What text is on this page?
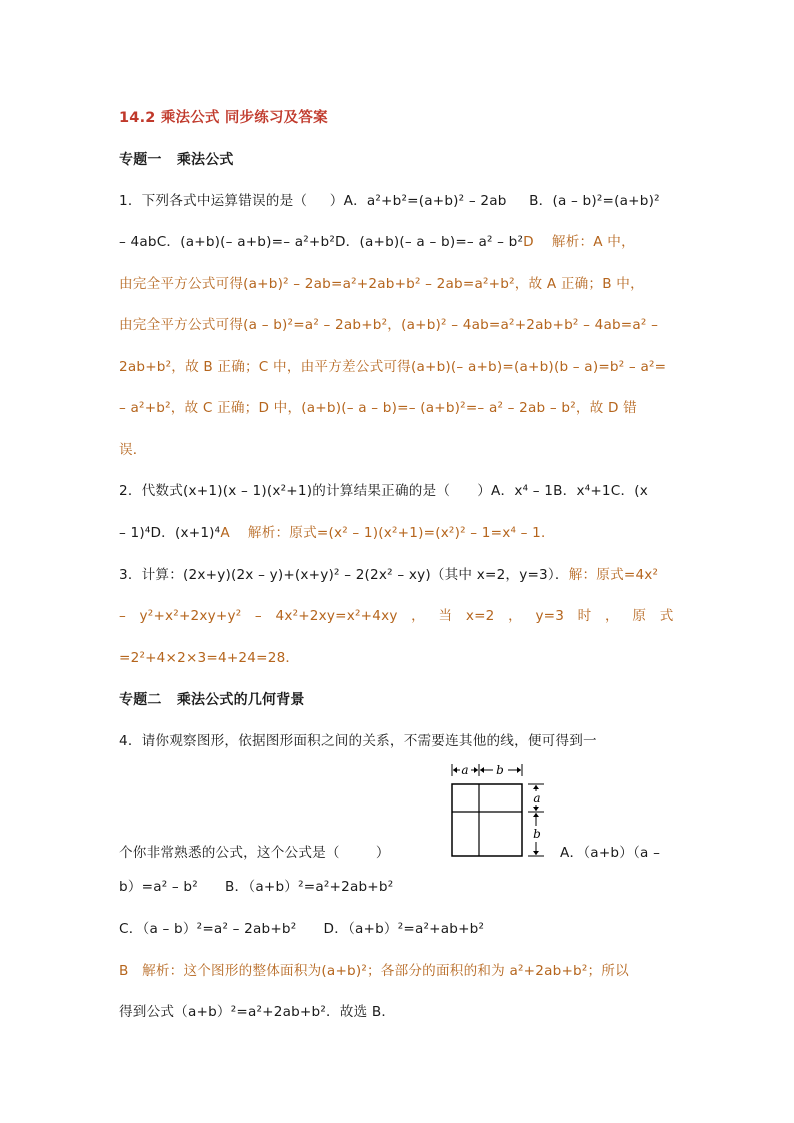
14.2 乘法公式 同步练习及答案
专题一   乘法公式
1．下列各式中运算错误的是（     ）A．a²+b²=(a+b)² – 2ab     B．(a – b)²=(a+b)²
– 4abC．(a+b)(– a+b)=– a²+b²D．(a+b)(– a – b)=– a² – b²D    解析：A 中，
由完全平方公式可得(a+b)² – 2ab=a²+2ab+b² – 2ab=a²+b²，故 A 正确；B 中，
由完全平方公式可得(a – b)²=a² – 2ab+b²，(a+b)² – 4ab=a²+2ab+b² – 4ab=a² –
2ab+b²，故 B 正确；C 中，由平方差公式可得(a+b)(– a+b)=(a+b)(b – a)=b² – a²=
– a²+b²，故 C 正确；D 中，(a+b)(– a – b)=– (a+b)²=– a² – 2ab – b²，故 D 错
误．
2．代数式(x+1)(x – 1)(x²+1)的计算结果正确的是（      ）A．x⁴ – 1B．x⁴+1C．(x
– 1)⁴D．(x+1)⁴A    解析：原式=(x² – 1)(x²+1)=(x²)² – 1=x⁴ – 1．
3．计算：(2x+y)(2x – y)+(x+y)² – 2(2x² – xy)（其中 x=2，y=3）．解：原式=4x²
–   y²+x²+2xy+y²   –   4x²+2xy=x²+4xy   ，   当   x=2   ，   y=3   时   ，   原   式
=2²+4×2×3=4+24=28．
专题二   乘法公式的几何背景
4．请你观察图形，依据图形面积之间的关系，不需要连其他的线，便可得到一
a b
a
b
个你非常熟悉的公式，这个公式是（        ）	A．（a+b）（a –
b）=a² – b²      B．（a+b）²=a²+2ab+b²
C．（a – b）²=a² – 2ab+b²      D．（a+b）²=a²+ab+b²
B   解析：这个图形的整体面积为(a+b)²；各部分的面积的和为 a²+2ab+b²；所以
得到公式（a+b）²=a²+2ab+b²．故选 B．
